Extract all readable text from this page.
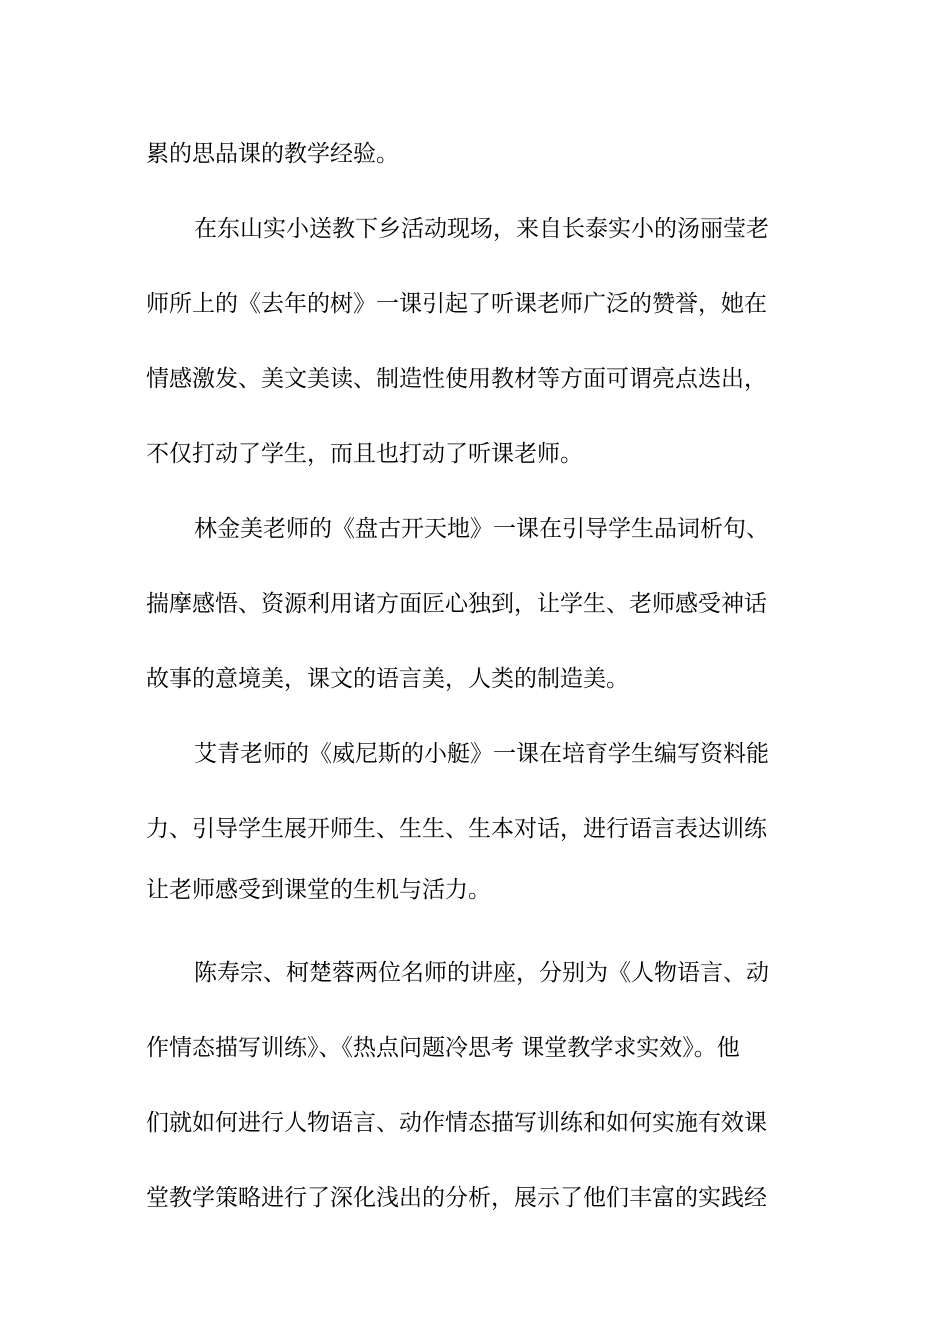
累的思品课的教学经验。
在东山实小送教下乡活动现场，来自长泰实小的汤丽莹老
师所上的《去年的树》一课引起了听课老师广泛的赞誉，她在
情感激发、美文美读、制造性使用教材等方面可谓亮点迭出，
不仅打动了学生，而且也打动了听课老师。
林金美老师的《盘古开天地》一课在引导学生品词析句、
揣摩感悟、资源利用诸方面匠心独到，让学生、老师感受神话
故事的意境美，课文的语言美，人类的制造美。
艾青老师的《威尼斯的小艇》一课在培育学生编写资料能
力、引导学生展开师生、生生、生本对话，进行语言表达训练
让老师感受到课堂的生机与活力。
陈寿宗、柯楚蓉两位名师的讲座，分别为《人物语言、动
作情态描写训练》、《热点问题冷思考 课堂教学求实效》。他
们就如何进行人物语言、动作情态描写训练和如何实施有效课
堂教学策略进行了深化浅出的分析，展示了他们丰富的实践经
